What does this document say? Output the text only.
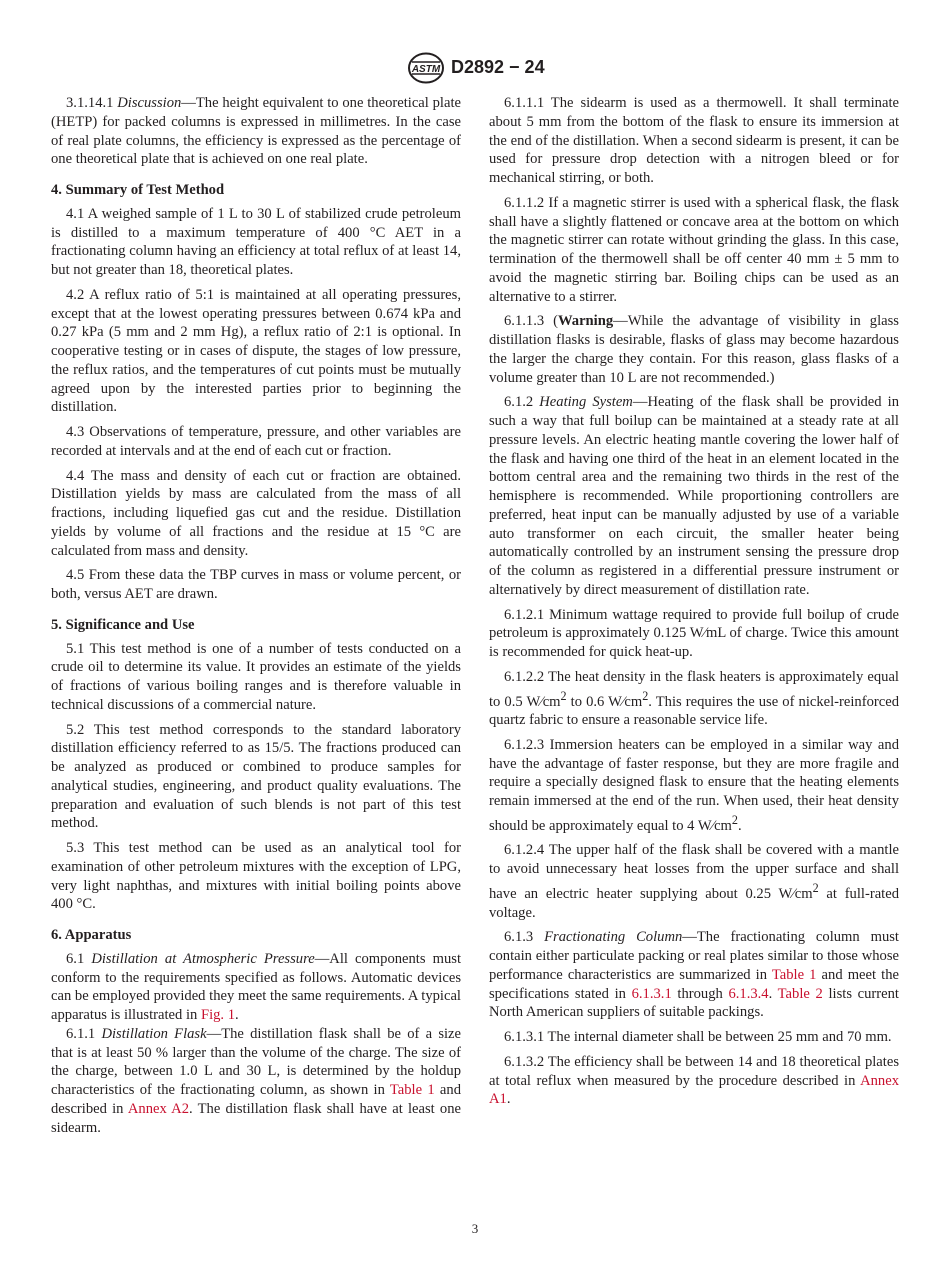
ASTM D2892 − 24

3.1.14.1 Discussion—The height equivalent to one theoretical plate (HETP) for packed columns is expressed in millimetres. In the case of real plate columns, the efficiency is expressed as the percentage of one theoretical plate that is achieved on one real plate.

4. Summary of Test Method

4.1 A weighed sample of 1 L to 30 L of stabilized crude petroleum is distilled to a maximum temperature of 400 °C AET in a fractionating column having an efficiency at total reflux of at least 14, but not greater than 18, theoretical plates.

4.2 A reflux ratio of 5:1 is maintained at all operating pressures, except that at the lowest operating pressures between 0.674 kPa and 0.27 kPa (5 mm and 2 mm Hg), a reflux ratio of 2:1 is optional. In cooperative testing or in cases of dispute, the stages of low pressure, the reflux ratios, and the temperatures of cut points must be mutually agreed upon by the interested parties prior to beginning the distillation.

4.3 Observations of temperature, pressure, and other variables are recorded at intervals and at the end of each cut or fraction.

4.4 The mass and density of each cut or fraction are obtained. Distillation yields by mass are calculated from the mass of all fractions, including liquefied gas cut and the residue. Distillation yields by volume of all fractions and the residue at 15 °C are calculated from mass and density.

4.5 From these data the TBP curves in mass or volume percent, or both, versus AET are drawn.

5. Significance and Use

5.1 This test method is one of a number of tests conducted on a crude oil to determine its value. It provides an estimate of the yields of fractions of various boiling ranges and is therefore valuable in technical discussions of a commercial nature.

5.2 This test method corresponds to the standard laboratory distillation efficiency referred to as 15/5. The fractions produced can be analyzed as produced or combined to produce samples for analytical studies, engineering, and product quality evaluations. The preparation and evaluation of such blends is not part of this test method.

5.3 This test method can be used as an analytical tool for examination of other petroleum mixtures with the exception of LPG, very light naphthas, and mixtures with initial boiling points above 400 °C.

6. Apparatus

6.1 Distillation at Atmospheric Pressure—All components must conform to the requirements specified as follows. Automatic devices can be employed provided they meet the same requirements. A typical apparatus is illustrated in Fig. 1.

6.1.1 Distillation Flask—The distillation flask shall be of a size that is at least 50 % larger than the volume of the charge. The size of the charge, between 1.0 L and 30 L, is determined by the holdup characteristics of the fractionating column, as shown in Table 1 and described in Annex A2. The distillation flask shall have at least one sidearm.

6.1.1.1 The sidearm is used as a thermowell. It shall terminate about 5 mm from the bottom of the flask to ensure its immersion at the end of the distillation. When a second sidearm is present, it can be used for pressure drop detection with a nitrogen bleed or for mechanical stirring, or both.

6.1.1.2 If a magnetic stirrer is used with a spherical flask, the flask shall have a slightly flattened or concave area at the bottom on which the magnetic stirrer can rotate without grinding the glass. In this case, termination of the thermowell shall be off center 40 mm ± 5 mm to avoid the magnetic stirring bar. Boiling chips can be used as an alternative to a stirrer.

6.1.1.3 (Warning—While the advantage of visibility in glass distillation flasks is desirable, flasks of glass may become hazardous the larger the charge they contain. For this reason, glass flasks of a volume greater than 10 L are not recommended.)

6.1.2 Heating System—Heating of the flask shall be provided in such a way that full boilup can be maintained at a steady rate at all pressure levels. An electric heating mantle covering the lower half of the flask and having one third of the heat in an element located in the bottom central area and the remaining two thirds in the rest of the hemisphere is recommended. While proportioning controllers are preferred, heat input can be manually adjusted by use of a variable auto transformer on each circuit, the smaller heater being automatically controlled by an instrument sensing the pressure drop of the column as registered in a differential pressure instrument or alternatively by direct measurement of distillation rate.

6.1.2.1 Minimum wattage required to provide full boilup of crude petroleum is approximately 0.125 W⁄mL of charge. Twice this amount is recommended for quick heat-up.

6.1.2.2 The heat density in the flask heaters is approximately equal to 0.5 $W⁄cm^2$ to 0.6 $W⁄cm^2$. This requires the use of nickel-reinforced quartz fabric to ensure a reasonable service life.

6.1.2.3 Immersion heaters can be employed in a similar way and have the advantage of faster response, but they are more fragile and require a specially designed flask to ensure that the heating elements remain immersed at the end of the run. When used, their heat density should be approximately equal to 4 $W⁄cm^2$.

6.1.2.4 The upper half of the flask shall be covered with a mantle to avoid unnecessary heat losses from the upper surface and shall have an electric heater supplying about 0.25 $W⁄cm^2$ at full-rated voltage.

6.1.3 Fractionating Column—The fractionating column must contain either particulate packing or real plates similar to those whose performance characteristics are summarized in Table 1 and meet the specifications stated in 6.1.3.1 through 6.1.3.4. Table 2 lists current North American suppliers of suitable packings.

6.1.3.1 The internal diameter shall be between 25 mm and 70 mm.

6.1.3.2 The efficiency shall be between 14 and 18 theoretical plates at total reflux when measured by the procedure described in Annex A1.

3
